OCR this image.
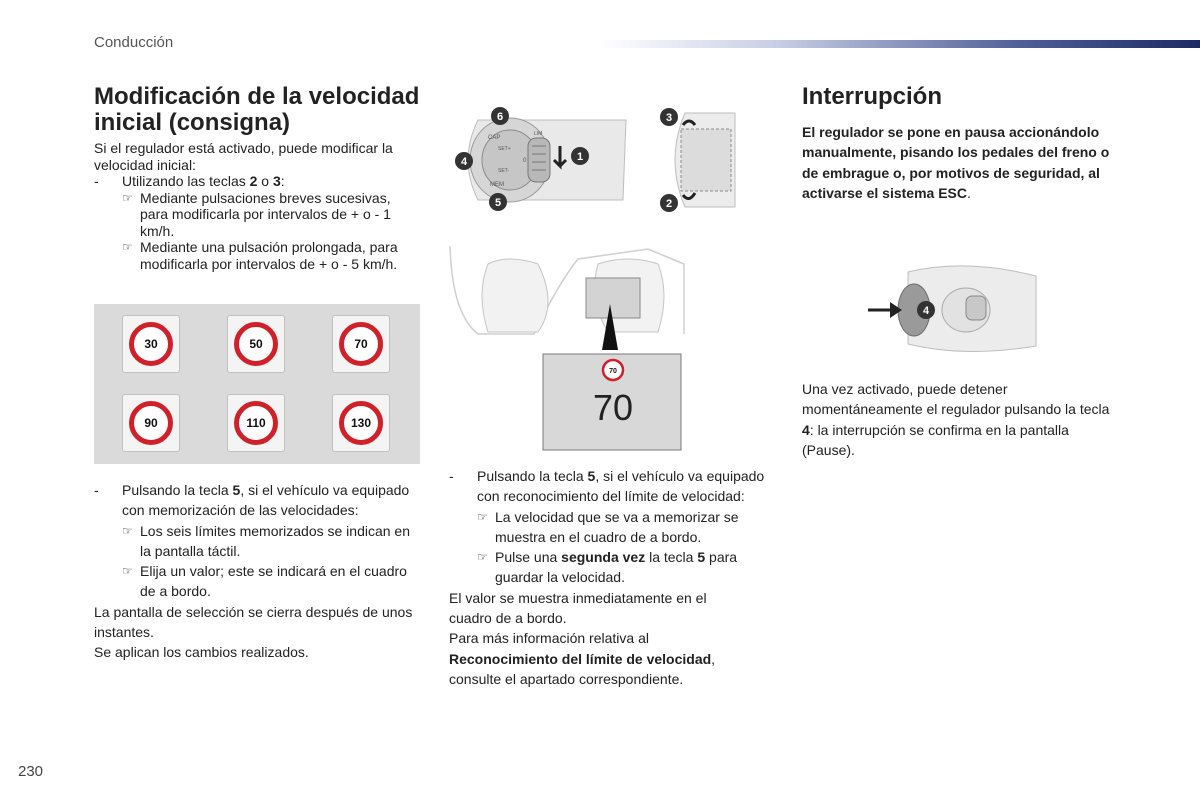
Conducción
Modificación de la velocidad inicial (consigna)
Si el regulador está activado, puede modificar la velocidad inicial:
-	Utilizando las teclas 2 o 3:
☞ Mediante pulsaciones breves sucesivas, para modificarla por intervalos de + o - 1 km/h.
☞ Mediante una pulsación prolongada, para modificarla por intervalos de + o - 5 km/h.
30	50	70
90	110	130
-	Pulsando la tecla 5, si el vehículo va equipado con memorización de las velocidades:
☞ Los seis límites memorizados se indican en la pantalla táctil.
☞ Elija un valor; este se indicará en el cuadro de a bordo.
La pantalla de selección se cierra después de unos instantes.
Se aplican los cambios realizados.
CAP
SET+
SET-
MEM
LIM
0
6
4	1
5
3
2
70
70
-	Pulsando la tecla 5, si el vehículo va equipado con reconocimiento del límite de velocidad:
☞ La velocidad que se va a memorizar se muestra en el cuadro de a bordo.
☞ Pulse una segunda vez la tecla 5 para guardar la velocidad.
El valor se muestra inmediatamente en el cuadro de a bordo.
Para más información relativa al
Reconocimiento del límite de velocidad,
consulte el apartado correspondiente.
Interrupción
El regulador se pone en pausa accionándolo manualmente, pisando los pedales del freno o de embrague o, por motivos de seguridad, al activarse el sistema ESC.
4
Una vez activado, puede detener momentáneamente el regulador pulsando la tecla 4: la interrupción se confirma en la pantalla (Pause).
230
